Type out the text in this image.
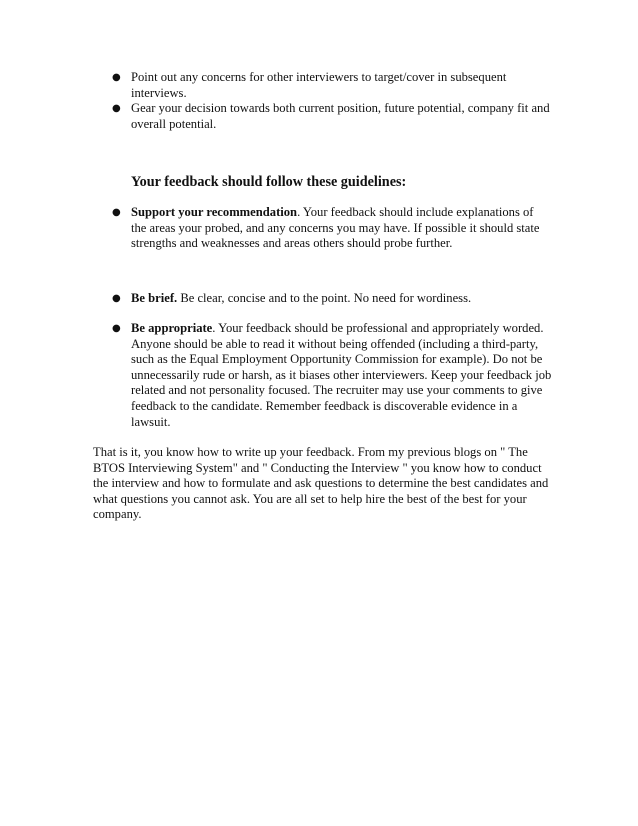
● Point out any concerns for other interviewers to target/cover in subsequent interviews.
● Gear your decision towards both current position, future potential, company fit and overall potential.
Your feedback should follow these guidelines:
● Support your recommendation. Your feedback should include explanations of the areas your probed, and any concerns you may have. If possible it should state strengths and weaknesses and areas others should probe further.
● Be brief. Be clear, concise and to the point. No need for wordiness.
● Be appropriate. Your feedback should be professional and appropriately worded. Anyone should be able to read it without being offended (including a third-party, such as the Equal Employment Opportunity Commission for example). Do not be unnecessarily rude or harsh, as it biases other interviewers. Keep your feedback job related and not personality focused. The recruiter may use your comments to give feedback to the candidate. Remember feedback is discoverable evidence in a lawsuit.

That is it, you know how to write up your feedback. From my previous blogs on " The BTOS Interviewing System" and " Conducting the Interview " you know how to conduct the interview and how to formulate and ask questions to determine the best candidates and what questions you cannot ask. You are all set to help hire the best of the best for your company.
